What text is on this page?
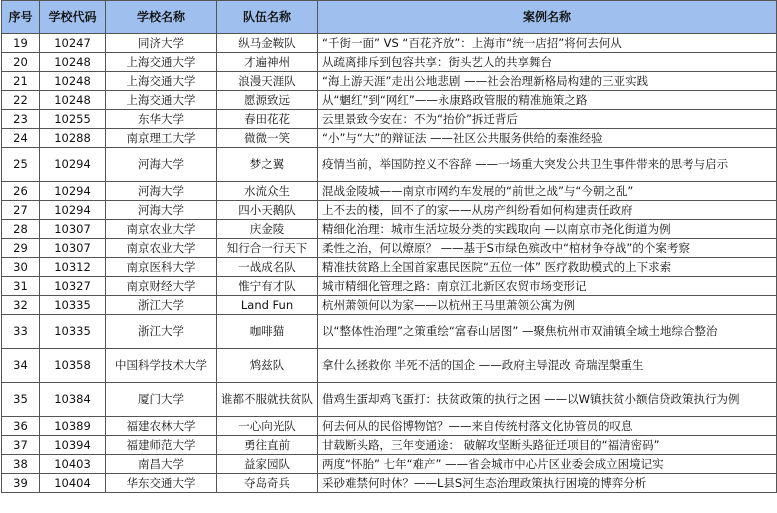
序号	学校代码	学校名称	队伍名称	案例名称
19	10247	同济大学	纵马金鞍队	“千街一面” VS “百花齐放”：上海市“统一店招”将何去何从
20	10248	上海交通大学	才遍神州	从疏离排斥到包容共享：街头艺人的共享舞台
21	10248	上海交通大学	浪漫天涯队	“海上游天涯”走出公地悲剧 ——社会治理新格局构建的三亚实践
22	10248	上海交通大学	愿源致远	从“魍红”到“网红”——永康路政管服的精准施策之路
23	10255	东华大学	春田花花	云里景致今安在：不为“抬价”拆迁背后
24	10288	南京理工大学	微微一笑	“小”与“大”的辩证法 ——社区公共服务供给的秦淮经验
25	10294	河海大学	梦之翼	疫情当前，举国防控义不容辞 ——一场重大突发公共卫生事件带来的思考与启示
26	10294	河海大学	水流众生	混战金陵城——南京市网约车发展的“前世之战”与“今朝之乱”
27	10294	河海大学	四小天鹅队	上不去的楼，回不了的家——从房产纠纷看如何构建责任政府
28	10307	南京农业大学	庆金陵	精细化治理：城市生活垃圾分类的实践取向 —以南京市尧化街道为例
29	10307	南京农业大学	知行合一行天下	柔性之治，何以燎原？ ——基于S市绿色殡改中“棺材争夺战”的个案考察
30	10312	南京医科大学	一战成名队	精准扶贫路上全国首家惠民医院“五位一体” 医疗救助模式的上下求索
31	10327	南京财经大学	惟宁有才队	城市精细化管理之路：南京江北新区农贸市场变形记
32	10335	浙江大学	Land Fun	杭州萧领何以为家——以杭州王马里萧领公寓为例
33	10335	浙江大学	咖啡猫	以“整体性治理”之策重绘“富春山居图” —聚焦杭州市双浦镇全域土地综合整治
34	10358	中国科学技术大学	鸩兹队	拿什么拯救你 半死不活的国企 ——政府主导混改 奇瑞涅槃重生
35	10384	厦门大学	谁都不服就扶贫队	借鸡生蛋却鸡飞蛋打：扶贫政策的执行之困 ——以W镇扶贫小额信贷政策执行为例
36	10389	福建农林大学	一心向光队	何去何从的民俗博物馆？——来自传统村落文化协管员的叹息
37	10394	福建师范大学	勇往直前	甘载断头路，三年变通途： 破解攻坚断头路征迁项目的“福清密码”
38	10403	南昌大学	益家园队	两度“怀胎” 七年“难产” ——省会城市中心片区业委会成立困境记实
39	10404	华东交通大学	夺岛奇兵	采砂难禁何时休？——L县S河生态治理政策执行困境的博弈分析
